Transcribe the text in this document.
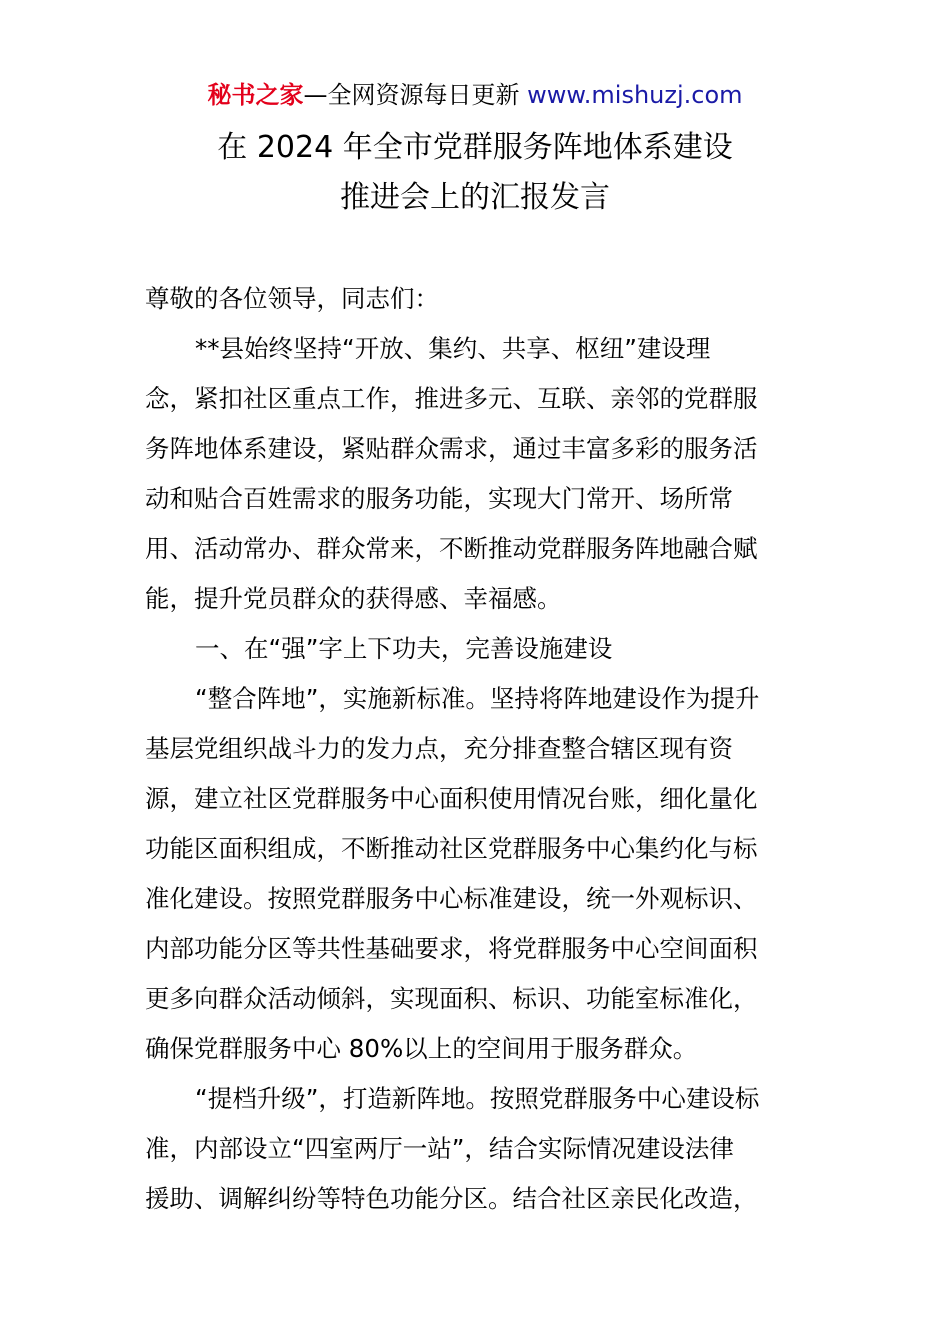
秘书之家—全网资源每日更新 www.mishuzj.com
在 2024 年全市党群服务阵地体系建设
推进会上的汇报发言
尊敬的各位领导，同志们：
**县始终坚持“开放、集约、共享、枢纽”建设理
念，紧扣社区重点工作，推进多元、互联、亲邻的党群服
务阵地体系建设，紧贴群众需求，通过丰富多彩的服务活
动和贴合百姓需求的服务功能，实现大门常开、场所常
用、活动常办、群众常来，不断推动党群服务阵地融合赋
能，提升党员群众的获得感、幸福感。
一、在“强”字上下功夫，完善设施建设
“整合阵地”，实施新标准。坚持将阵地建设作为提升
基层党组织战斗力的发力点，充分排查整合辖区现有资
源，建立社区党群服务中心面积使用情况台账，细化量化
功能区面积组成，不断推动社区党群服务中心集约化与标
准化建设。按照党群服务中心标准建设，统一外观标识、
内部功能分区等共性基础要求，将党群服务中心空间面积
更多向群众活动倾斜，实现面积、标识、功能室标准化，
确保党群服务中心 80%以上的空间用于服务群众。
“提档升级”，打造新阵地。按照党群服务中心建设标
准，内部设立“四室两厅一站”，结合实际情况建设法律
援助、调解纠纷等特色功能分区。结合社区亲民化改造，
